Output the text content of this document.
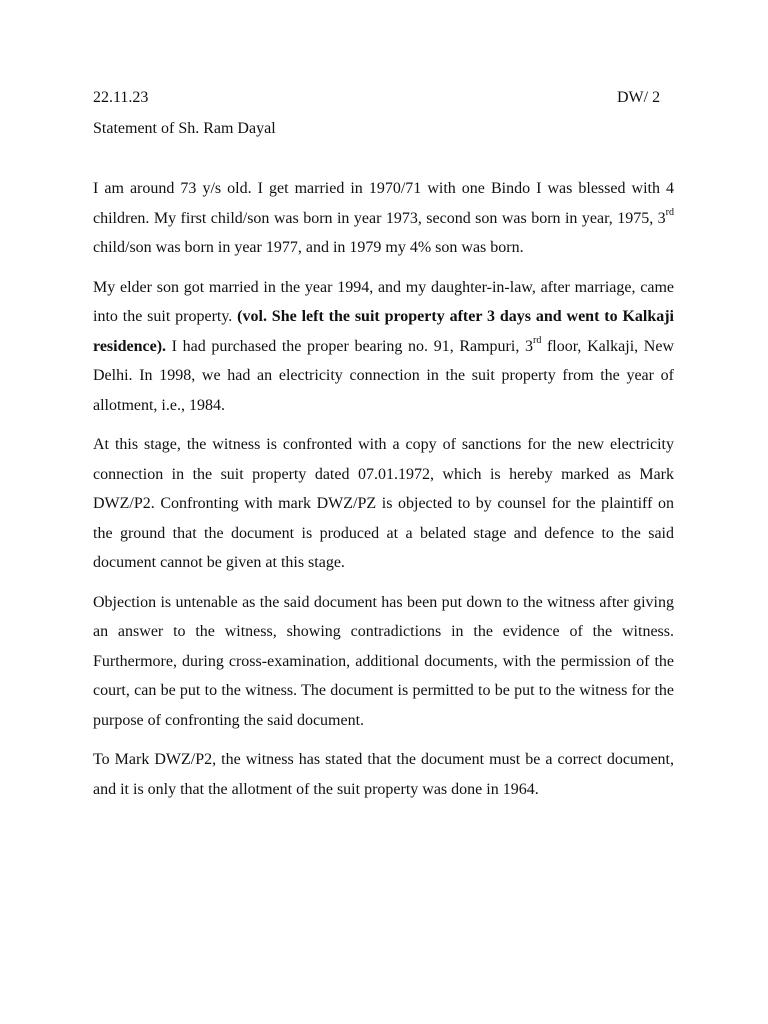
22.11.23	DW/ 2
Statement of Sh. Ram Dayal

I am around 73 y/s old. I get married in 1970/71 with one Bindo I was blessed with 4 children. My first child/son was born in year 1973, second son was born in year, 1975, 3rd child/son was born in year 1977, and in 1979 my 4% son was born.

My elder son got married in the year 1994, and my daughter-in-law, after marriage, came into the suit property. (vol. She left the suit property after 3 days and went to Kalkaji residence). I had purchased the proper bearing no. 91, Rampuri, 3rd floor, Kalkaji, New Delhi. In 1998, we had an electricity connection in the suit property from the year of allotment, i.e., 1984.

At this stage, the witness is confronted with a copy of sanctions for the new electricity connection in the suit property dated 07.01.1972, which is hereby marked as Mark DWZ/P2. Confronting with mark DWZ/PZ is objected to by counsel for the plaintiff on the ground that the document is produced at a belated stage and defence to the said document cannot be given at this stage.

Objection is untenable as the said document has been put down to the witness after giving an answer to the witness, showing contradictions in the evidence of the witness. Furthermore, during cross-examination, additional documents, with the permission of the court, can be put to the witness. The document is permitted to be put to the witness for the purpose of confronting the said document.

To Mark DWZ/P2, the witness has stated that the document must be a correct document, and it is only that the allotment of the suit property was done in 1964.
